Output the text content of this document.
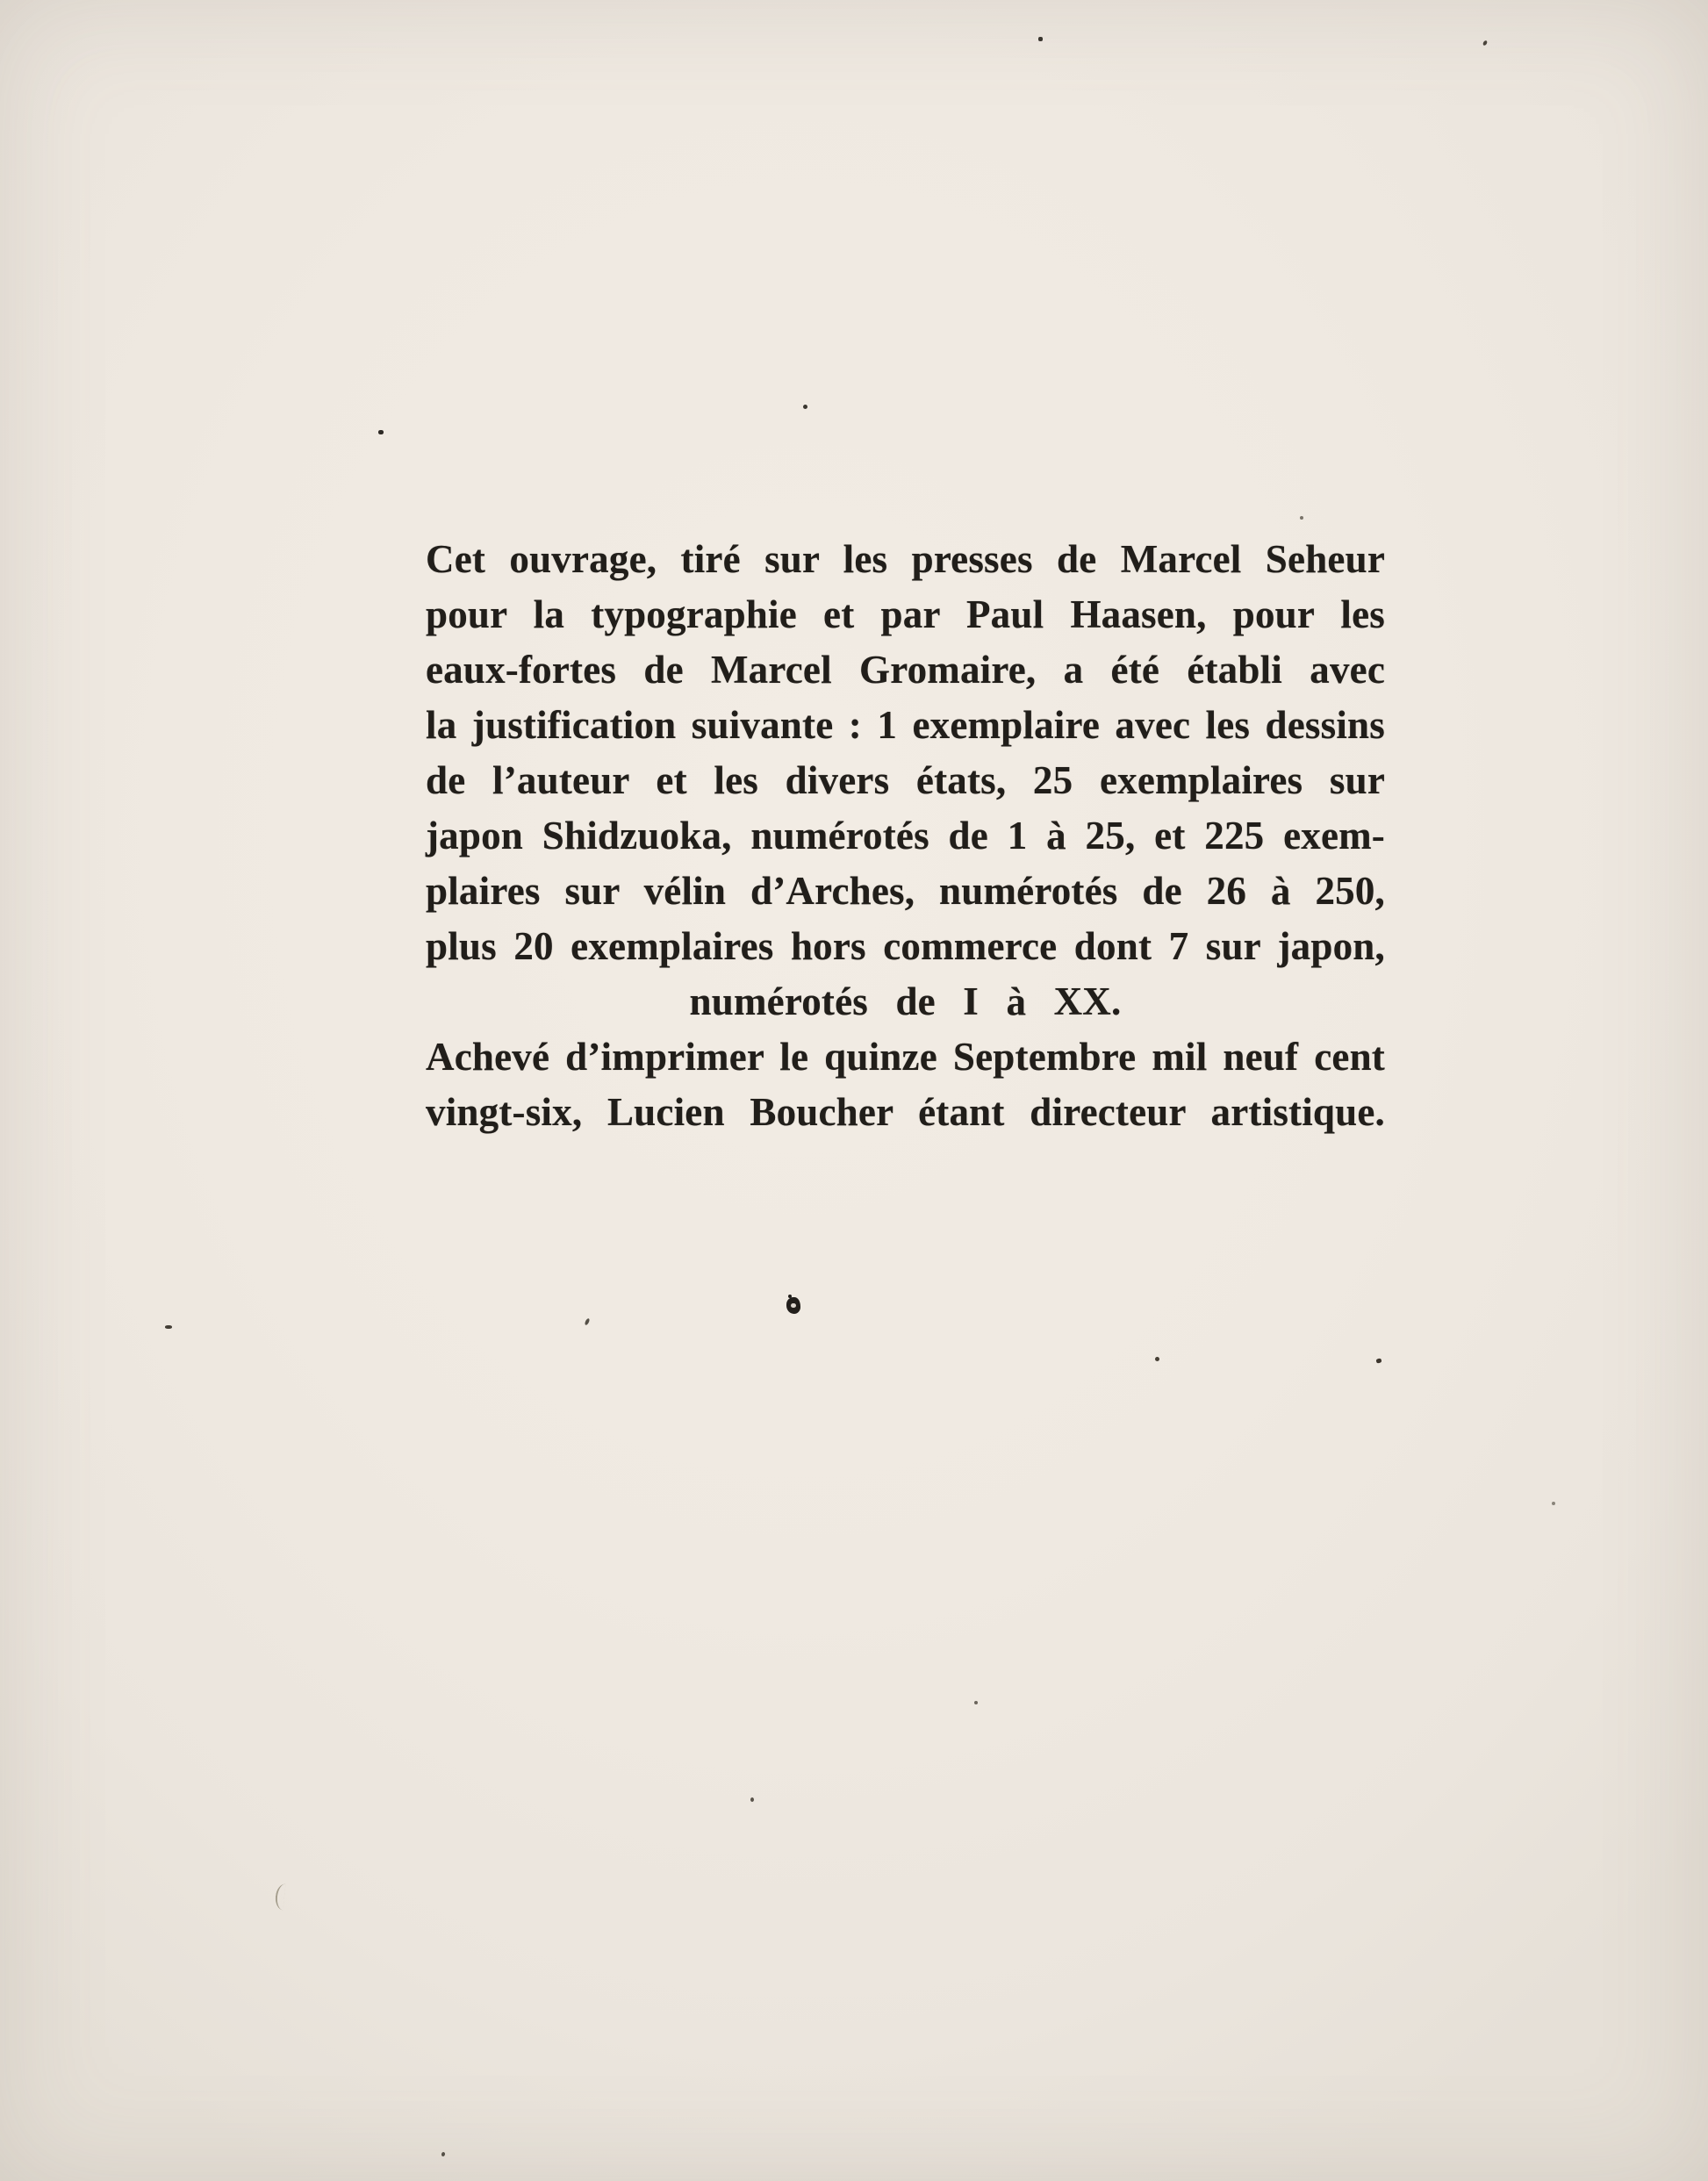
Cet ouvrage, tiré sur les presses de Marcel Seheur
pour la typographie et par Paul Haasen, pour les
eaux-fortes de Marcel Gromaire, a été établi avec
la justification suivante : 1 exemplaire avec les dessins
de l’auteur et les divers états, 25 exemplaires sur
japon Shidzuoka, numérotés de 1 à 25, et 225 exem-
plaires sur vélin d’Arches, numérotés de 26 à 250,
plus 20 exemplaires hors commerce dont 7 sur japon,
numérotés de I à XX.
Achevé d’imprimer le quinze Septembre mil neuf cent
vingt-six, Lucien Boucher étant directeur artistique.
